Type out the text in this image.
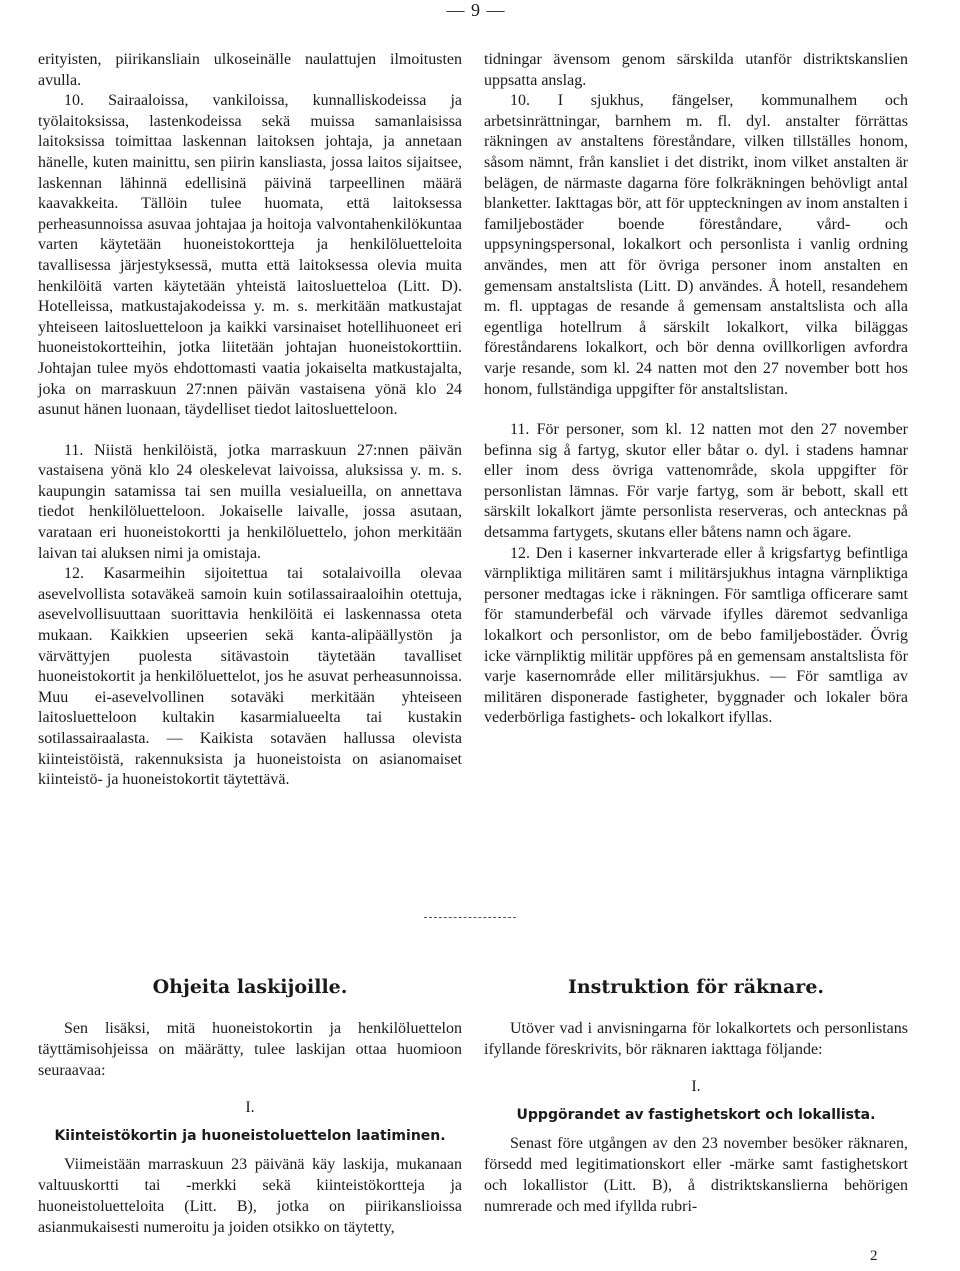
— 9 —

erityisten, piirikansliain ulkoseinälle naulattujen ilmoitusten avulla.

10. Sairaaloissa, vankiloissa, kunnalliskodeissa ja työlaitoksissa, lastenkodeissa sekä muissa samanlaisissa laitoksissa toimittaa laskennan laitoksen johtaja, ja annetaan hänelle, kuten mainittu, sen piirin kansliasta, jossa laitos sijaitsee, laskennan lähinnä edellisinä päivinä tarpeellinen määrä kaavakkeita. Tällöin tulee huomata, että laitoksessa perheasunnoissa asuvaa johtajaa ja hoitoja valvontahenkilökuntaa varten käytetään huoneistokortteja ja henkilöluetteloita tavallisessa järjestyksessä, mutta että laitoksessa olevia muita henkilöitä varten käytetään yhteistä laitosluetteloa (Litt. D). Hotelleissa, matkustajakodeissa y. m. s. merkitään matkustajat yhteiseen laitosluetteloon ja kaikki varsinaiset hotellihuoneet eri huoneistokortteihin, jotka liitetään johtajan huoneistokorttiin. Johtajan tulee myös ehdottomasti vaatia jokaiselta matkustajalta, joka on marraskuun 27:nnen päivän vastaisena yönä klo 24 asunut hänen luonaan, täydelliset tiedot laitosluetteloon.

11. Niistä henkilöistä, jotka marraskuun 27:nnen päivän vastaisena yönä klo 24 oleskelevat laivoissa, aluksissa y. m. s. kaupungin satamissa tai sen muilla vesialueilla, on annettava tiedot henkilöluetteloon. Jokaiselle laivalle, jossa asutaan, varataan eri huoneistokortti ja henkilöluettelo, johon merkitään laivan tai aluksen nimi ja omistaja.

12. Kasarmeihin sijoitettua tai sotalaivoilla olevaa asevelvollista sotaväkeä samoin kuin sotilassairaaloihin otettuja, asevelvollisuuttaan suorittavia henkilöitä ei laskennassa oteta mukaan. Kaikkien upseerien sekä kanta-alipäällystön ja värvättyjen puolesta sitävastoin täytetään tavalliset huoneistokortit ja henkilöluettelot, jos he asuvat perheasunnoissa. Muu ei-asevelvollinen sotaväki merkitään yhteiseen laitosluetteloon kultakin kasarmialueelta tai kustakin sotilassairaalasta. — Kaikista sotaväen hallussa olevista kiinteistöistä, rakennuksista ja huoneistoista on asianomaiset kiinteistö- ja huoneistokortit täytettävä.

tidningar ävensom genom särskilda utanför distriktskanslien uppsatta anslag.

10. I sjukhus, fängelser, kommunalhem och arbetsinrättningar, barnhem m. fl. dyl. anstalter förrättas räkningen av anstaltens föreståndare, vilken tillställes honom, såsom nämnt, från kansliet i det distrikt, inom vilket anstalten är belägen, de närmaste dagarna före folkräkningen behövligt antal blanketter. Iakttagas bör, att för uppteckningen av inom anstalten i familjebostäder boende föreståndare, vård- och uppsyningspersonal, lokalkort och personlista i vanlig ordning användes, men att för övriga personer inom anstalten en gemensam anstaltslista (Litt. D) användes. Å hotell, resandehem m. fl. upptagas de resande å gemensam anstaltslista och alla egentliga hotellrum å särskilt lokalkort, vilka biläggas föreståndarens lokalkort, och bör denna ovillkorligen avfordra varje resande, som kl. 24 natten mot den 27 november bott hos honom, fullständiga uppgifter för anstaltslistan.

11. För personer, som kl. 12 natten mot den 27 november befinna sig å fartyg, skutor eller båtar o. dyl. i stadens hamnar eller inom dess övriga vattenområde, skola uppgifter för personlistan lämnas. För varje fartyg, som är bebott, skall ett särskilt lokalkort jämte personlista reserveras, och antecknas på detsamma fartygets, skutans eller båtens namn och ägare.

12. Den i kaserner inkvarterade eller å krigsfartyg befintliga värnpliktiga militären samt i militärsjukhus intagna värnpliktiga personer medtagas icke i räkningen. För samtliga officerare samt för stamunderbefäl och värvade ifylles däremot sedvanliga lokalkort och personlistor, om de bebo familjebostäder. Övrig icke värnpliktig militär uppföres på en gemensam anstaltslista för varje kasernområde eller militärsjukhus. — För samtliga av militären disponerade fastigheter, byggnader och lokaler böra vederbörliga fastighets- och lokalkort ifyllas.

Ohjeita laskijoille.

Sen lisäksi, mitä huoneistokortin ja henkilöluettelon täyttämisohjeissa on määrätty, tulee laskijan ottaa huomioon seuraavaa:

I.

Kiinteistökortin ja huoneistoluettelon laatiminen.

Viimeistään marraskuun 23 päivänä käy laskija, mukanaan valtuuskortti tai -merkki sekä kiinteistökortteja ja huoneistoluetteloita (Litt. B), jotka on piirikanslioissa asianmukaisesti numeroitu ja joiden otsikko on täytetty,

Instruktion för räknare.

Utöver vad i anvisningarna för lokalkortets och personlistans ifyllande föreskrivits, bör räknaren iakttaga följande:

I.

Uppgörandet av fastighetskort och lokallista.

Senast före utgången av den 23 november besöker räknaren, försedd med legitimationskort eller -märke samt fastighetskort och lokallistor (Litt. B), å distriktskanslierna behörigen numrerade och med ifyllda rubri-

2
